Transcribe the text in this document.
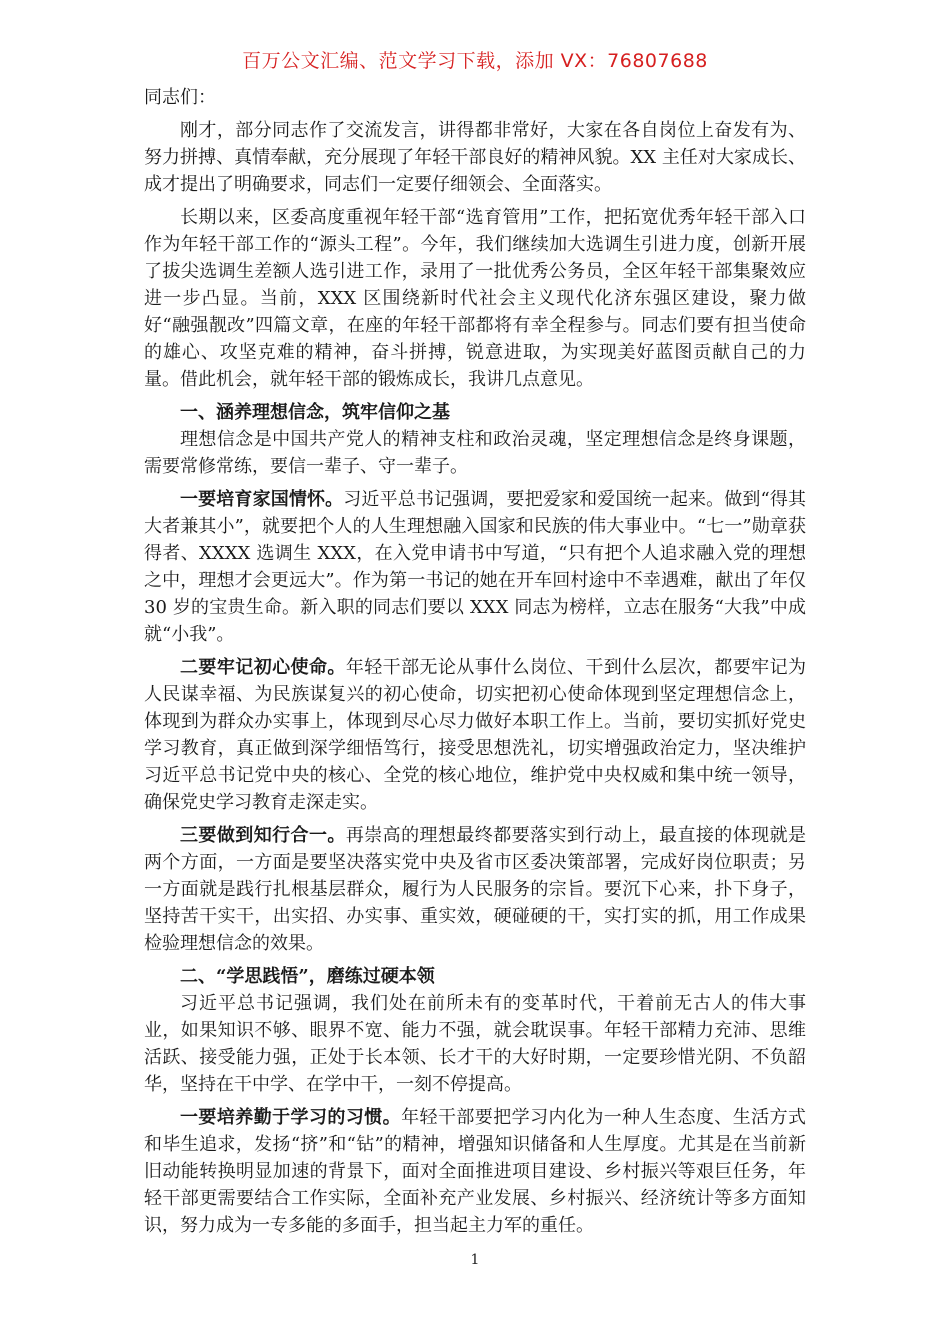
百万公文汇编、范文学习下载，添加 VX：76807688

同志们：

刚才，部分同志作了交流发言，讲得都非常好，大家在各自岗位上奋发有为、努力拼搏、真情奉献，充分展现了年轻干部良好的精神风貌。XX 主任对大家成长、成才提出了明确要求，同志们一定要仔细领会、全面落实。

长期以来，区委高度重视年轻干部“选育管用”工作，把拓宽优秀年轻干部入口作为年轻干部工作的“源头工程”。今年，我们继续加大选调生引进力度，创新开展了拔尖选调生差额人选引进工作，录用了一批优秀公务员，全区年轻干部集聚效应进一步凸显。当前，XXX 区围绕新时代社会主义现代化济东强区建设，聚力做好“融强靓改”四篇文章，在座的年轻干部都将有幸全程参与。同志们要有担当使命的雄心、攻坚克难的精神，奋斗拼搏，锐意进取，为实现美好蓝图贡献自己的力量。借此机会，就年轻干部的锻炼成长，我讲几点意见。

一、涵养理想信念，筑牢信仰之基

理想信念是中国共产党人的精神支柱和政治灵魂，坚定理想信念是终身课题，需要常修常练，要信一辈子、守一辈子。

一要培育家国情怀。习近平总书记强调，要把爱家和爱国统一起来。做到“得其大者兼其小”，就要把个人的人生理想融入国家和民族的伟大事业中。“七一”勋章获得者、XXXX 选调生 XXX，在入党申请书中写道，“只有把个人追求融入党的理想之中，理想才会更远大”。作为第一书记的她在开车回村途中不幸遇难，献出了年仅 30 岁的宝贵生命。新入职的同志们要以 XXX 同志为榜样，立志在服务“大我”中成就“小我”。

二要牢记初心使命。年轻干部无论从事什么岗位、干到什么层次，都要牢记为人民谋幸福、为民族谋复兴的初心使命，切实把初心使命体现到坚定理想信念上，体现到为群众办实事上，体现到尽心尽力做好本职工作上。当前，要切实抓好党史学习教育，真正做到深学细悟笃行，接受思想洗礼，切实增强政治定力，坚决维护习近平总书记党中央的核心、全党的核心地位，维护党中央权威和集中统一领导，确保党史学习教育走深走实。

三要做到知行合一。再崇高的理想最终都要落实到行动上，最直接的体现就是两个方面，一方面是要坚决落实党中央及省市区委决策部署，完成好岗位职责；另一方面就是践行扎根基层群众，履行为人民服务的宗旨。要沉下心来，扑下身子，坚持苦干实干，出实招、办实事、重实效，硬碰硬的干，实打实的抓，用工作成果检验理想信念的效果。

二、“学思践悟”，磨练过硬本领

习近平总书记强调，我们处在前所未有的变革时代，干着前无古人的伟大事业，如果知识不够、眼界不宽、能力不强，就会耽误事。年轻干部精力充沛、思维活跃、接受能力强，正处于长本领、长才干的大好时期，一定要珍惜光阴、不负韶华，坚持在干中学、在学中干，一刻不停提高。

一要培养勤于学习的习惯。年轻干部要把学习内化为一种人生态度、生活方式和毕生追求，发扬“挤”和“钻”的精神，增强知识储备和人生厚度。尤其是在当前新旧动能转换明显加速的背景下，面对全面推进项目建设、乡村振兴等艰巨任务，年轻干部更需要结合工作实际，全面补充产业发展、乡村振兴、经济统计等多方面知识，努力成为一专多能的多面手，担当起主力军的重任。

1
